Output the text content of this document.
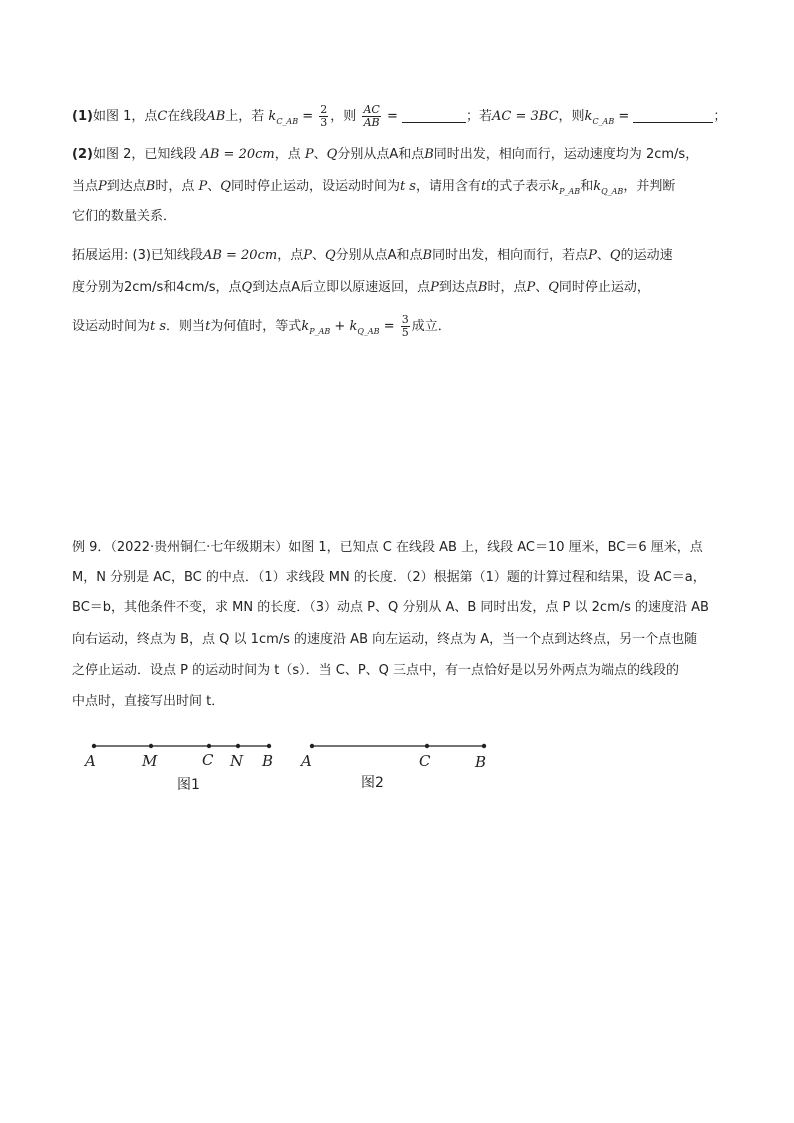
(1)如图 1，点C在线段AB上，若 $k_{C\_AB} = \frac{2}{3}$ ，则 $\frac{AC}{AB}$ =	；若AC = 3BC，则$k_{C\_AB}$ =	；
(2)如图 2，已知线段 AB = 20cm，点 P、Q分别从点A和点B同时出发，相向而行，运动速度均为 2cm/s，
当点P到达点B时，点 P、Q同时停止运动，设运动时间为t s，请用含有t的式子表示$k_{P\_AB}$和$k_{Q\_AB}$，并判断
它们的数量关系．
拓展运用: (3)已知线段AB = 20cm，点P、Q分别从点A和点B同时出发，相向而行，若点P、Q的运动速
度分别为2cm/s和4cm/s，点Q到达点A后立即以原速返回，点P到达点B时，点P、Q同时停止运动，
设运动时间为t s．则当t为何值时，等式$k_{P\_AB} + k_{Q\_AB} = \frac{3}{5}$ 成立．
例 9．（2022·贵州铜仁·七年级期末）如图 1，已知点 C 在线段 AB 上，线段 AC＝10 厘米，BC＝6 厘米，点
M，N 分别是 AC，BC 的中点．（1）求线段 MN 的长度．（2）根据第（1）题的计算过程和结果，设 AC＝a，
BC＝b，其他条件不变，求 MN 的长度．（3）动点 P、Q 分别从 A、B 同时出发，点 P 以 2cm/s 的速度沿 AB
向右运动，终点为 B，点 Q 以 1cm/s 的速度沿 AB 向左运动，终点为 A，当一个点到达终点，另一个点也随
之停止运动．设点 P 的运动时间为 t（s）．当 C、P、Q 三点中，有一点恰好是以另外两点为端点的线段的
中点时，直接写出时间 t．
A	M	C N B
图1
A	C	B
图2
